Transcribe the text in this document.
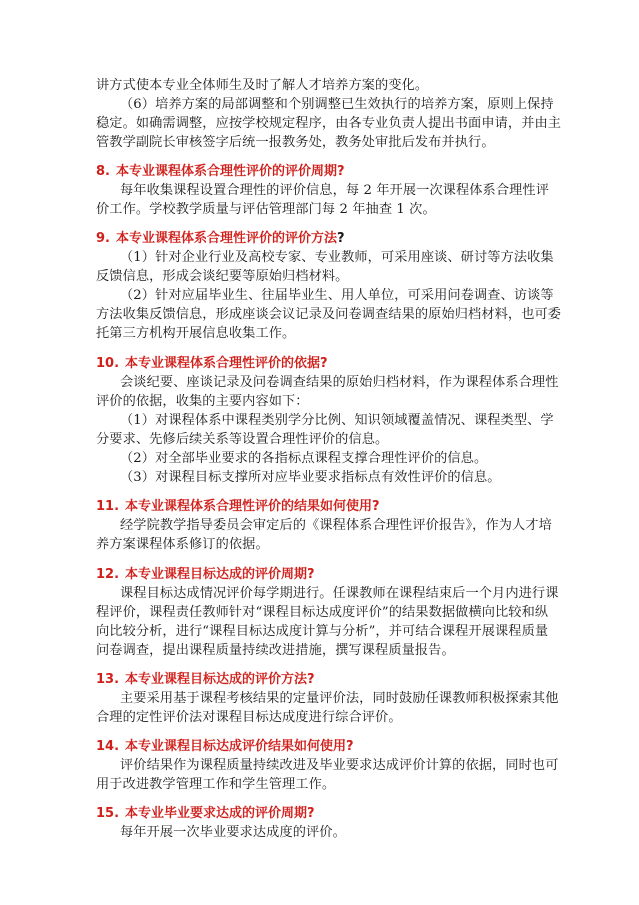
讲方式使本专业全体师生及时了解人才培养方案的变化。
（6）培养方案的局部调整和个别调整已生效执行的培养方案，原则上保持
稳定。如确需调整，应按学校规定程序，由各专业负责人提出书面申请，并由主
管教学副院长审核签字后统一报教务处，教务处审批后发布并执行。
8. 本专业课程体系合理性评价的评价周期?
每年收集课程设置合理性的评价信息，每 2 年开展一次课程体系合理性评
价工作。学校教学质量与评估管理部门每 2 年抽查 1 次。
9. 本专业课程体系合理性评价的评价方法?
（1）针对企业行业及高校专家、专业教师，可采用座谈、研讨等方法收集
反馈信息，形成会谈纪要等原始归档材料。
（2）针对应届毕业生、往届毕业生、用人单位，可采用问卷调查、访谈等
方法收集反馈信息，形成座谈会议记录及问卷调查结果的原始归档材料，也可委
托第三方机构开展信息收集工作。
10. 本专业课程体系合理性评价的依据?
会谈纪要、座谈记录及问卷调查结果的原始归档材料，作为课程体系合理性
评价的依据，收集的主要内容如下：
（1）对课程体系中课程类别学分比例、知识领域覆盖情况、课程类型、学
分要求、先修后续关系等设置合理性评价的信息。
（2）对全部毕业要求的各指标点课程支撑合理性评价的信息。
（3）对课程目标支撑所对应毕业要求指标点有效性评价的信息。
11. 本专业课程体系合理性评价的结果如何使用?
经学院教学指导委员会审定后的《课程体系合理性评价报告》，作为人才培
养方案课程体系修订的依据。
12. 本专业课程目标达成的评价周期?
课程目标达成情况评价每学期进行。任课教师在课程结束后一个月内进行课
程评价，课程责任教师针对“课程目标达成度评价”的结果数据做横向比较和纵
向比较分析，进行“课程目标达成度计算与分析”，并可结合课程开展课程质量
问卷调查，提出课程质量持续改进措施，撰写课程质量报告。
13. 本专业课程目标达成的评价方法?
主要采用基于课程考核结果的定量评价法，同时鼓励任课教师积极探索其他
合理的定性评价法对课程目标达成度进行综合评价。
14. 本专业课程目标达成评价结果如何使用?
评价结果作为课程质量持续改进及毕业要求达成评价计算的依据，同时也可
用于改进教学管理工作和学生管理工作。
15. 本专业毕业要求达成的评价周期?
每年开展一次毕业要求达成度的评价。
